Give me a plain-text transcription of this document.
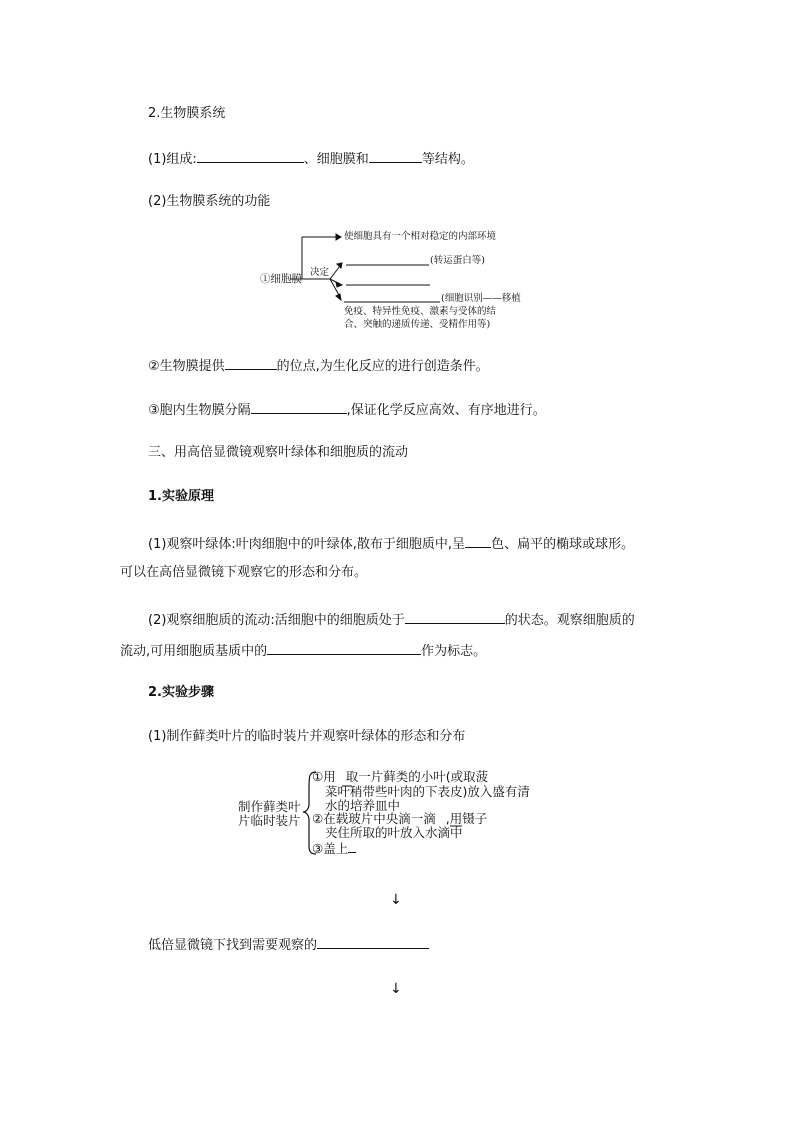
2.生物膜系统
(1)组成:	、细胞膜和	等结构。
(2)生物膜系统的功能
①细胞膜
决定
使细胞具有一个相对稳定的内部环境
(转运蛋白等)
(细胞识别——移植
免疫、特异性免疫、激素与受体的结
合、突触的递质传递、受精作用等)
②生物膜提供	的位点,为生化反应的进行创造条件。
③胞内生物膜分隔	,保证化学反应高效、有序地进行。
三、用高倍显微镜观察叶绿体和细胞质的流动
1.实验原理
(1)观察叶绿体:叶肉细胞中的叶绿体,散布于细胞质中,呈 色、扁平的椭球或球形。
可以在高倍显微镜下观察它的形态和分布。
(2)观察细胞质的流动:活细胞中的细胞质处于	的状态。观察细胞质的
流动,可用细胞质基质中的	作为标志。
2.实验步骤
(1)制作藓类叶片的临时装片并观察叶绿体的形态和分布
制作藓类叶
片临时装片
①用 取一片藓类的小叶(或取菠
菜叶稍带些叶肉的下表皮)放入盛有清
水的培养皿中
②在载玻片中央滴一滴 ,用镊子
夹住所取的叶放入水滴中
③盖上
↓
低倍显微镜下找到需要观察的
↓
